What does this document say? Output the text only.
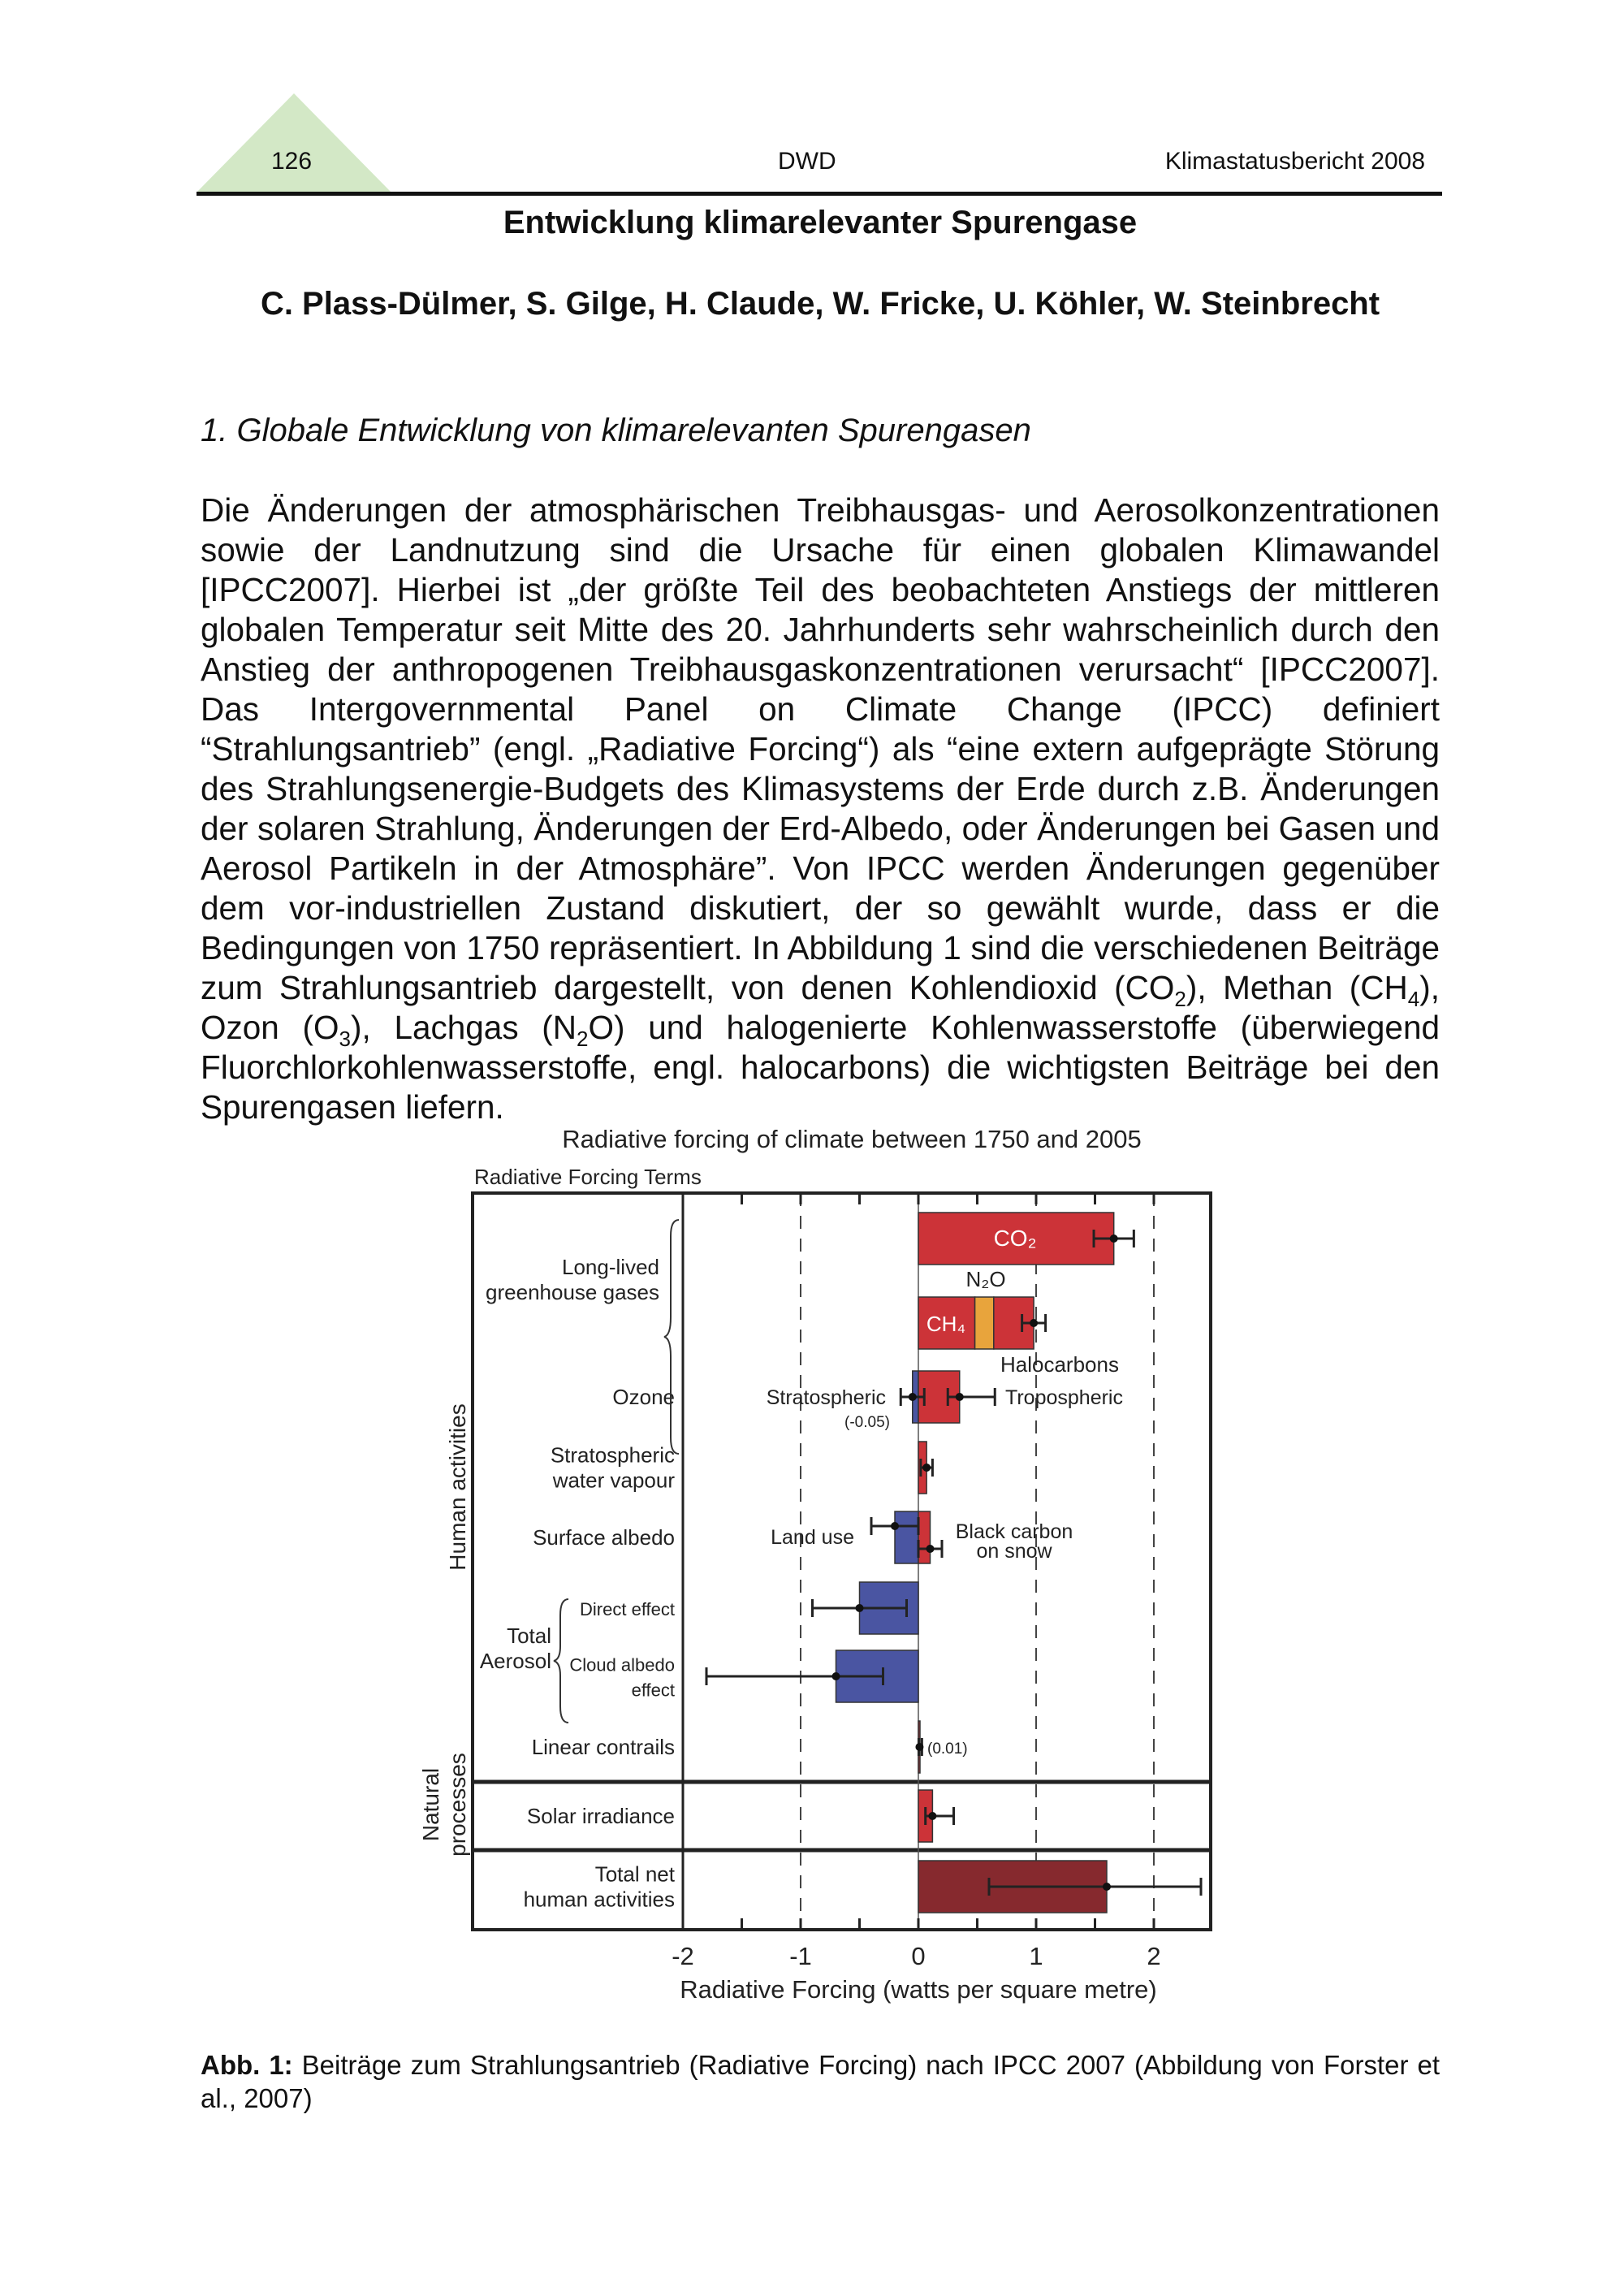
126	DWD	Klimastatusbericht 2008
Entwicklung klimarelevanter Spurengase
C. Plass-Dülmer, S. Gilge, H. Claude, W. Fricke, U. Köhler, W. Steinbrecht
1. Globale Entwicklung von klimarelevanten Spurengasen
Die Änderungen der atmosphärischen Treibhausgas- und Aerosolkonzentrationen sowie der Landnutzung sind die Ursache für einen globalen Klimawandel [IPCC2007]. Hierbei ist „der größte Teil des beobachteten Anstiegs der mittleren globalen Temperatur seit Mitte des 20. Jahrhunderts sehr wahrscheinlich durch den Anstieg der anthropogenen Treibhausgaskonzentrationen verursacht“ [IPCC2007]. Das Intergovernmental Panel on Climate Change (IPCC) definiert “Strahlungsantrieb” (engl. „Radiative Forcing“) als “eine extern aufgeprägte Störung des Strahlungsenergie-Budgets des Klimasystems der Erde durch z.B. Änderungen der solaren Strahlung, Änderungen der Erd-Albedo, oder Änderungen bei Gasen und Aerosol Partikeln in der Atmosphäre”. Von IPCC werden Änderungen gegenüber dem vor-industriellen Zustand diskutiert, der so gewählt wurde, dass er die Bedingungen von 1750 repräsentiert. In Abbildung 1 sind die verschiedenen Beiträge zum Strahlungsantrieb dargestellt, von denen Kohlendioxid $(CO_2)$, Methan $(CH_4)$, Ozon $(O_3)$, Lachgas $(N_2O)$ und halogenierte Kohlenwasserstoffe (überwiegend Fluorchlorkohlenwasserstoffe, engl. halocarbons) die wichtigsten Beiträge bei den Spurengasen liefern.
Radiative forcing of climate between 1750 and 2005
Radiative Forcing Terms
-2	-1	0	1	2
Radiative Forcing (watts per square metre)
Ozone
Stratospheric
water vapour
Surface albedo
Direct effect
Cloud albedo
effect
Linear contrails
Solar irradiance
Total net
human activities
Human activities
Natural processes
Long-lived
greenhouse gases
Total
Aerosol
CO₂
N₂O
CH₄
Halocarbons
Stratospheric
(-0.05)
Tropospheric
Land use	Black carbon
on snow
(0.01)
Abb. 1: Beiträge zum Strahlungsantrieb (Radiative Forcing) nach IPCC 2007 (Abbildung von Forster et al., 2007)
